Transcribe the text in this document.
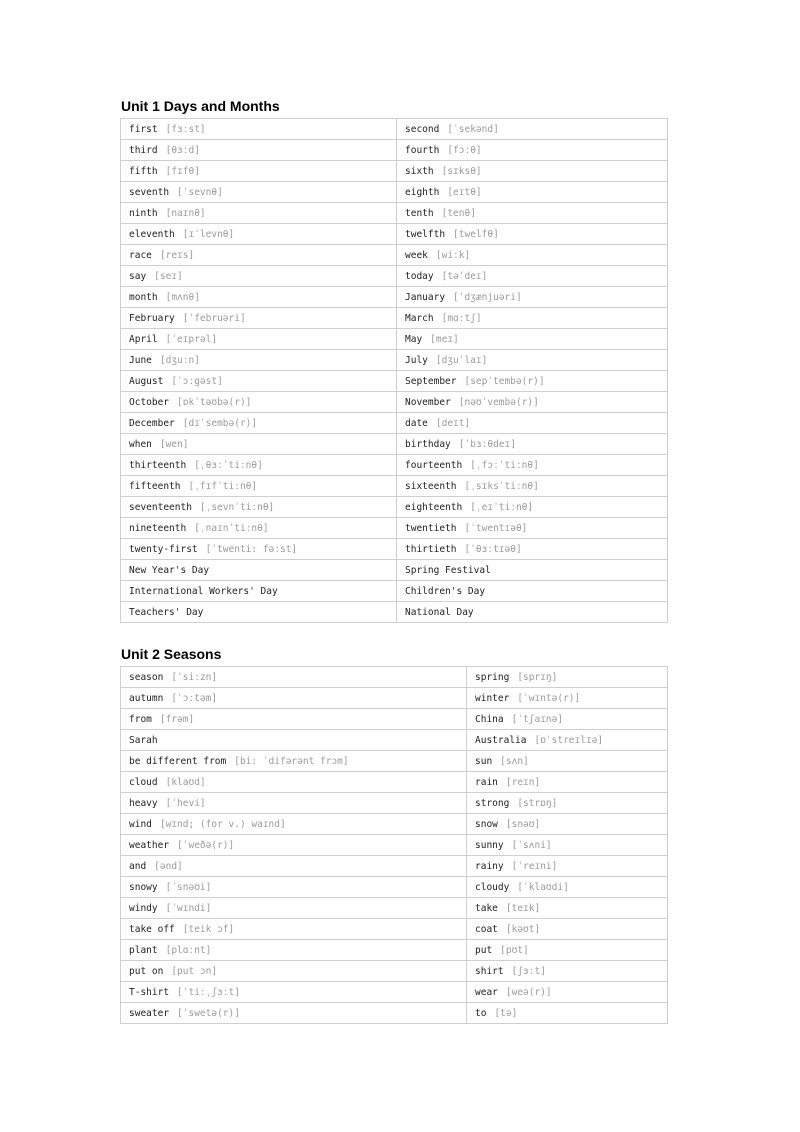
Unit 1 Days and Months
first [fɜːst]	second [ˈsekənd]
third [θɜːd]	fourth [fɔːθ]
fifth [fɪfθ]	sixth [sɪksθ]
seventh [ˈsevnθ]	eighth [eɪtθ]
ninth [naɪnθ]	tenth [tenθ]
eleventh [ɪˈlevnθ]	twelfth [twelfθ]
race [reɪs]	week [wiːk]
say [seɪ]	today [təˈdeɪ]
month [mʌnθ]	January [ˈdʒænjuəri]
February [ˈfebruəri]	March [mɑːtʃ]
April [ˈeɪprəl]	May [meɪ]
June [dʒuːn]	July [dʒuˈlaɪ]
August [ˈɔːgəst]	September [sepˈtembə(r)]
October [ɒkˈtəʊbə(r)]	November [nəʊˈvembə(r)]
December [dɪˈsembə(r)]	date [deɪt]
when [wen]	birthday [ˈbɜːθdeɪ]
thirteenth [ˌθɜːˈtiːnθ]	fourteenth [ˌfɔːˈtiːnθ]
fifteenth [ˌfɪfˈtiːnθ]	sixteenth [ˌsɪksˈtiːnθ]
seventeenth [ˌsevnˈtiːnθ]	eighteenth [ˌeɪˈtiːnθ]
nineteenth [ˌnaɪnˈtiːnθ]	twentieth [ˈtwentɪəθ]
twenty-first [ˈtwenti: fəːst]	thirtieth [ˈθɜːtɪəθ]
New Year's Day	Spring Festival
International Workers' Day	Children's Day
Teachers' Day	National Day
Unit 2 Seasons
season [ˈsiːzn]	spring [sprɪŋ]
autumn [ˈɔːtəm]	winter [ˈwɪntə(r)]
from [frəm]	China [ˈtʃaɪnə]
Sarah	Australia [ɒˈstreɪlɪə]
be different from [bi: ˈdifərənt frɔm]	sun [sʌn]
cloud [klaʊd]	rain [reɪn]
heavy [ˈhevi]	strong [strɒŋ]
wind [wɪnd; (for v.) waɪnd]	snow [snəʊ]
weather [ˈweðə(r)]	sunny [ˈsʌni]
and [ənd]	rainy [ˈreɪni]
snowy [ˈsnəʊi]	cloudy [ˈklaʊdi]
windy [ˈwɪndi]	take [teɪk]
take off [teik ɔf]	coat [kəʊt]
plant [plɑːnt]	put [pʊt]
put on [put ɔn]	shirt [ʃɜːt]
T-shirt [ˈtiːˌʃɜːt]	wear [weə(r)]
sweater [ˈswetə(r)]	to [tə]
